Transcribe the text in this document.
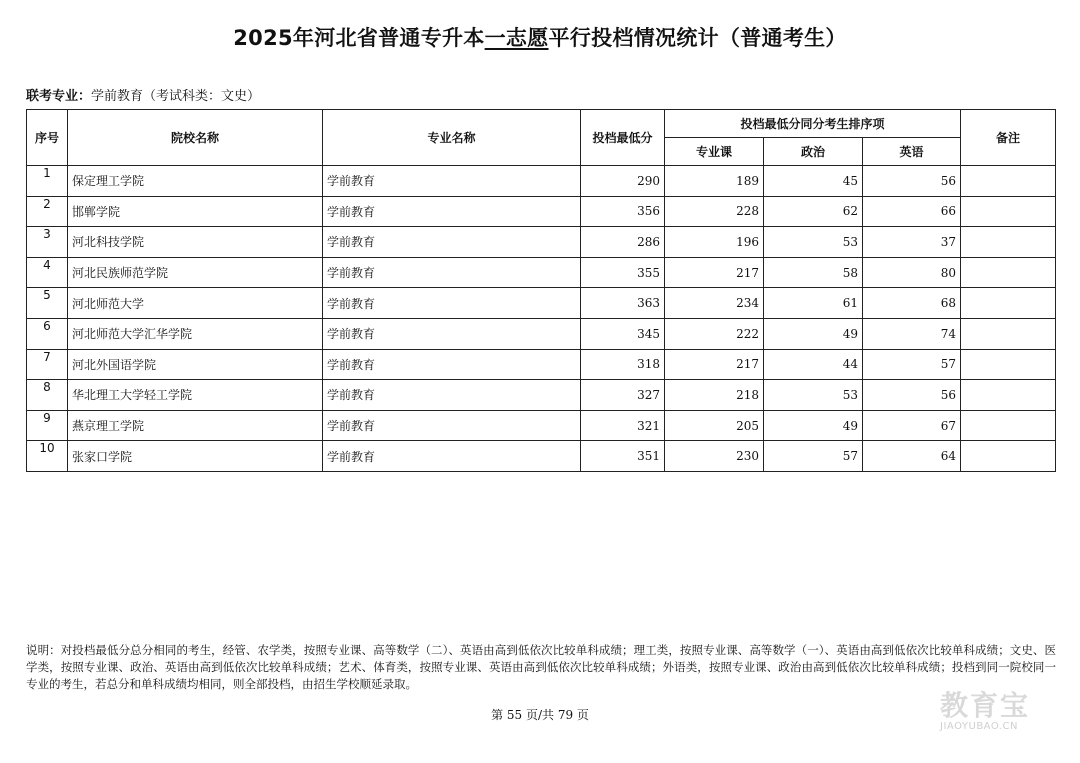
2025年河北省普通专升本一志愿平行投档情况统计（普通考生）
联考专业：学前教育（考试科类：文史）
序号	院校名称	专业名称	投档最低分	投档最低分同分考生排序项			备注
				专业课	政治	英语	
1	保定理工学院	学前教育	290	189	45	56	
2	邯郸学院	学前教育	356	228	62	66	
3	河北科技学院	学前教育	286	196	53	37	
4	河北民族师范学院	学前教育	355	217	58	80	
5	河北师范大学	学前教育	363	234	61	68	
6	河北师范大学汇华学院	学前教育	345	222	49	74	
7	河北外国语学院	学前教育	318	217	44	57	
8	华北理工大学轻工学院	学前教育	327	218	53	56	
9	燕京理工学院	学前教育	321	205	49	67	
10	张家口学院	学前教育	351	230	57	64	
说明：对投档最低分总分相同的考生，经管、农学类，按照专业课、高等数学（二）、英语由高到低依次比较单科成绩；理工类，按照专业课、高等数学（一）、英语由高到低依次比较单科成绩；文史、医学类，按照专业课、政治、英语由高到低依次比较单科成绩；艺术、体育类，按照专业课、英语由高到低依次比较单科成绩；外语类，按照专业课、政治由高到低依次比较单科成绩；投档到同一院校同一专业的考生，若总分和单科成绩均相同，则全部投档，由招生学校顺延录取。
第 55 页/共 79 页	教育宝
JIAOYUBAO.CN
